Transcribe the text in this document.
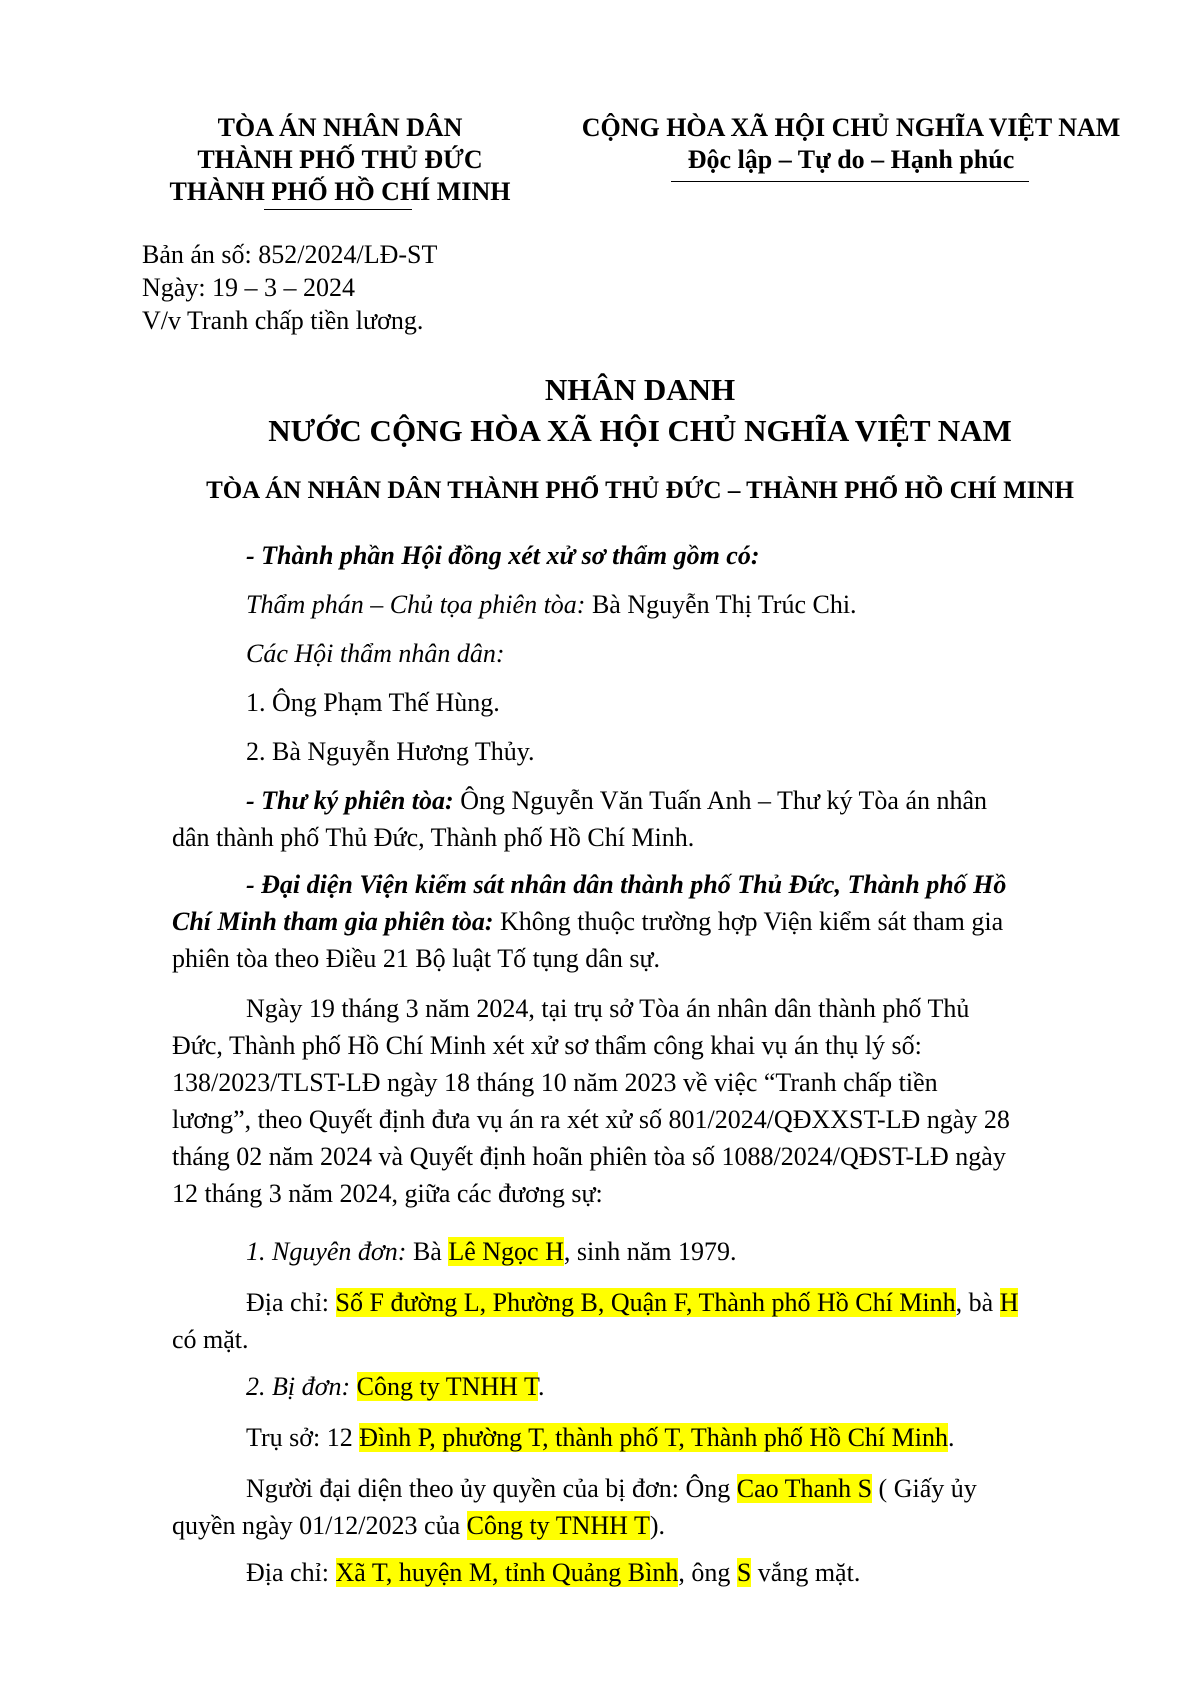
TÒA ÁN NHÂN DÂN
THÀNH PHỐ THỦ ĐỨC
THÀNH PHỐ HỒ CHÍ MINH
CỘNG HÒA XÃ HỘI CHỦ NGHĨA VIỆT NAM
Độc lập – Tự do – Hạnh phúc
Bản án số: 852/2024/LĐ-ST
Ngày: 19 – 3 – 2024
V/v Tranh chấp tiền lương.
NHÂN DANH
NƯỚC CỘNG HÒA XÃ HỘI CHỦ NGHĨA VIỆT NAM
TÒA ÁN NHÂN DÂN THÀNH PHỐ THỦ ĐỨC – THÀNH PHỐ HỒ CHÍ MINH
- Thành phần Hội đồng xét xử sơ thẩm gồm có:
Thẩm phán – Chủ tọa phiên tòa: Bà Nguyễn Thị Trúc Chi.
Các Hội thẩm nhân dân:
1. Ông Phạm Thế Hùng.
2. Bà Nguyễn Hương Thủy.
- Thư ký phiên tòa: Ông Nguyễn Văn Tuấn Anh – Thư ký Tòa án nhân
dân thành phố Thủ Đức, Thành phố Hồ Chí Minh.
- Đại diện Viện kiểm sát nhân dân thành phố Thủ Đức, Thành phố Hồ
Chí Minh tham gia phiên tòa: Không thuộc trường hợp Viện kiểm sát tham gia
phiên tòa theo Điều 21 Bộ luật Tố tụng dân sự.
Ngày 19 tháng 3 năm 2024, tại trụ sở Tòa án nhân dân thành phố Thủ
Đức, Thành phố Hồ Chí Minh xét xử sơ thẩm công khai vụ án thụ lý số:
138/2023/TLST-LĐ ngày 18 tháng 10 năm 2023 về việc “Tranh chấp tiền
lương”, theo Quyết định đưa vụ án ra xét xử số 801/2024/QĐXXST-LĐ ngày 28
tháng 02 năm 2024 và Quyết định hoãn phiên tòa số 1088/2024/QĐST-LĐ ngày
12 tháng 3 năm 2024, giữa các đương sự:
1. Nguyên đơn: Bà Lê Ngọc H, sinh năm 1979.
Địa chỉ: Số F đường L, Phường B, Quận F, Thành phố Hồ Chí Minh, bà H
có mặt.
2. Bị đơn: Công ty TNHH T.
Trụ sở: 12 Đình P, phường T, thành phố T, Thành phố Hồ Chí Minh.
Người đại diện theo ủy quyền của bị đơn: Ông Cao Thanh S ( Giấy ủy
quyền ngày 01/12/2023 của Công ty TNHH T).
Địa chỉ: Xã T, huyện M, tỉnh Quảng Bình, ông S vắng mặt.
